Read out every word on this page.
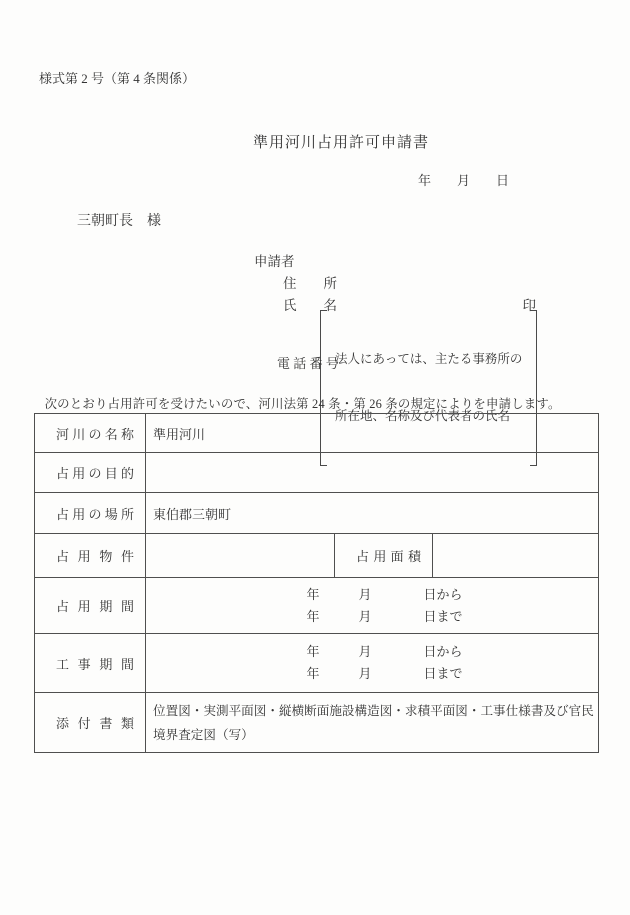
様式第 2 号（第 4 条関係）
準用河川占用許可申請書
年　　月　　日
三朝町長　様
申請者
住　　所
氏　　名	印

法人にあっては、主たる事務所の

所在地、名称及び代表者の氏名

電 話 番 号
　次のとおり占用許可を受けたいので、河川法第 24 条・第 26 条の規定によりを申請します。
河 川 の 名 称	準用河川		
占 用 の 目 的			
占 用 の 場 所	東伯郡三朝町		
占 用 物 件		占 用 面 積	
占 用 期 間	年　　　月　　　　日から
年　　　月　　　　日まで		

工 事 期 間	年　　　月　　　　日から
年　　　月　　　　日まで		

添 付 書 類	位置図・実測平面図・縦横断面施設構造図・求積平面図・工事仕様書及び官民境界査定図（写）		
